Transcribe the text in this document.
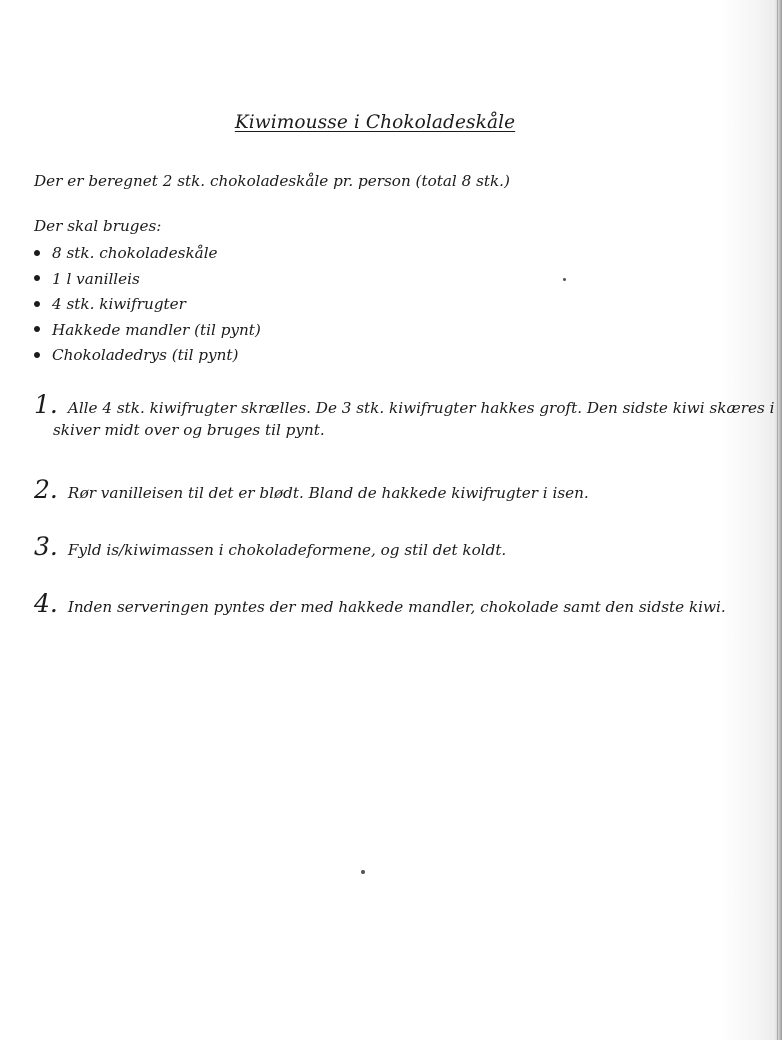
Kiwimousse i Chokoladeskåle
Der er beregnet 2 stk. chokoladeskåle pr. person (total 8 stk.)
Der skal bruges:
8 stk. chokoladeskåle
1 l vanilleis
4 stk. kiwifrugter
Hakkede mandler (til pynt)
Chokoladedrys (til pynt)
1. Alle 4 stk. kiwifrugter skrælles. De 3 stk. kiwifrugter hakkes groft. Den sidste kiwi skæres i
skiver midt over og bruges til pynt.
2. Rør vanilleisen til det er blødt. Bland de hakkede kiwifrugter i isen.
3. Fyld is/kiwimassen i chokoladeformene, og stil det koldt.
4. Inden serveringen pyntes der med hakkede mandler, chokolade samt den sidste kiwi.
